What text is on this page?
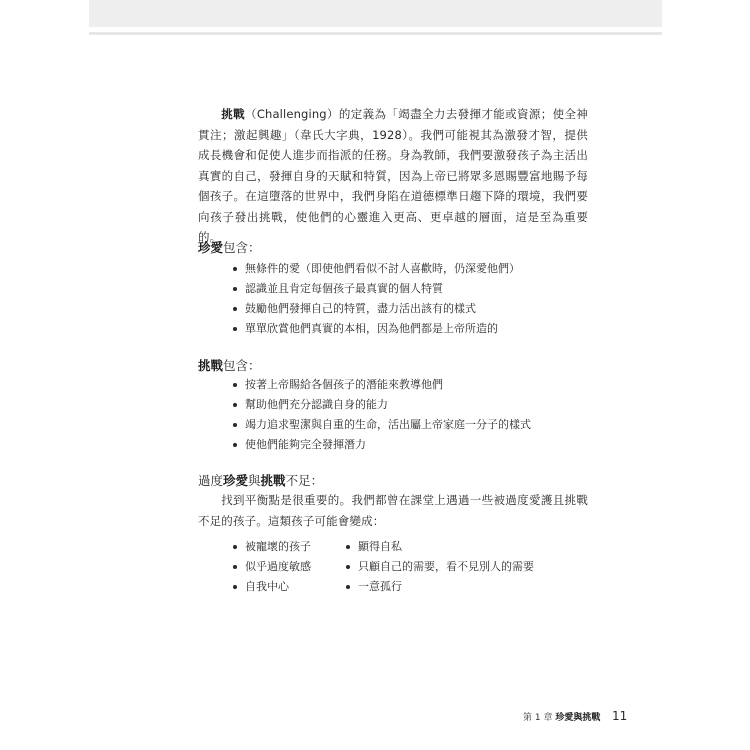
挑戰（Challenging）的定義為「竭盡全力去發揮才能或資源；使全神貫注；激起興趣」（韋氏大字典，1928）。我們可能視其為激發才智，提供成長機會和促使人進步而指派的任務。身為教師，我們要激發孩子為主活出真實的自己，發揮自身的天賦和特質，因為上帝已將眾多恩賜豐富地賜予每個孩子。在這墮落的世界中，我們身陷在道德標準日趨下降的環境，我們要向孩子發出挑戰，使他們的心靈進入更高、更卓越的層面，這是至為重要的。

珍愛包含：
無條件的愛（即使他們看似不討人喜歡時，仍深愛他們）
認識並且肯定每個孩子最真實的個人特質
鼓勵他們發揮自己的特質，盡力活出該有的樣式
單單欣賞他們真實的本相，因為他們都是上帝所造的
挑戰包含：
按著上帝賜給各個孩子的潛能來教導他們
幫助他們充分認識自身的能力
竭力追求聖潔與自重的生命，活出屬上帝家庭一分子的樣式
使他們能夠完全發揮潛力
過度珍愛與挑戰不足：

找到平衡點是很重要的。我們都曾在課堂上遇過一些被過度愛護且挑戰不足的孩子。這類孩子可能會變成：

被寵壞的孩子
似乎過度敏感
自我中心
顯得自私
只顧自己的需要，看不見別人的需要
一意孤行
第 1 章 珍愛與挑戰 11
